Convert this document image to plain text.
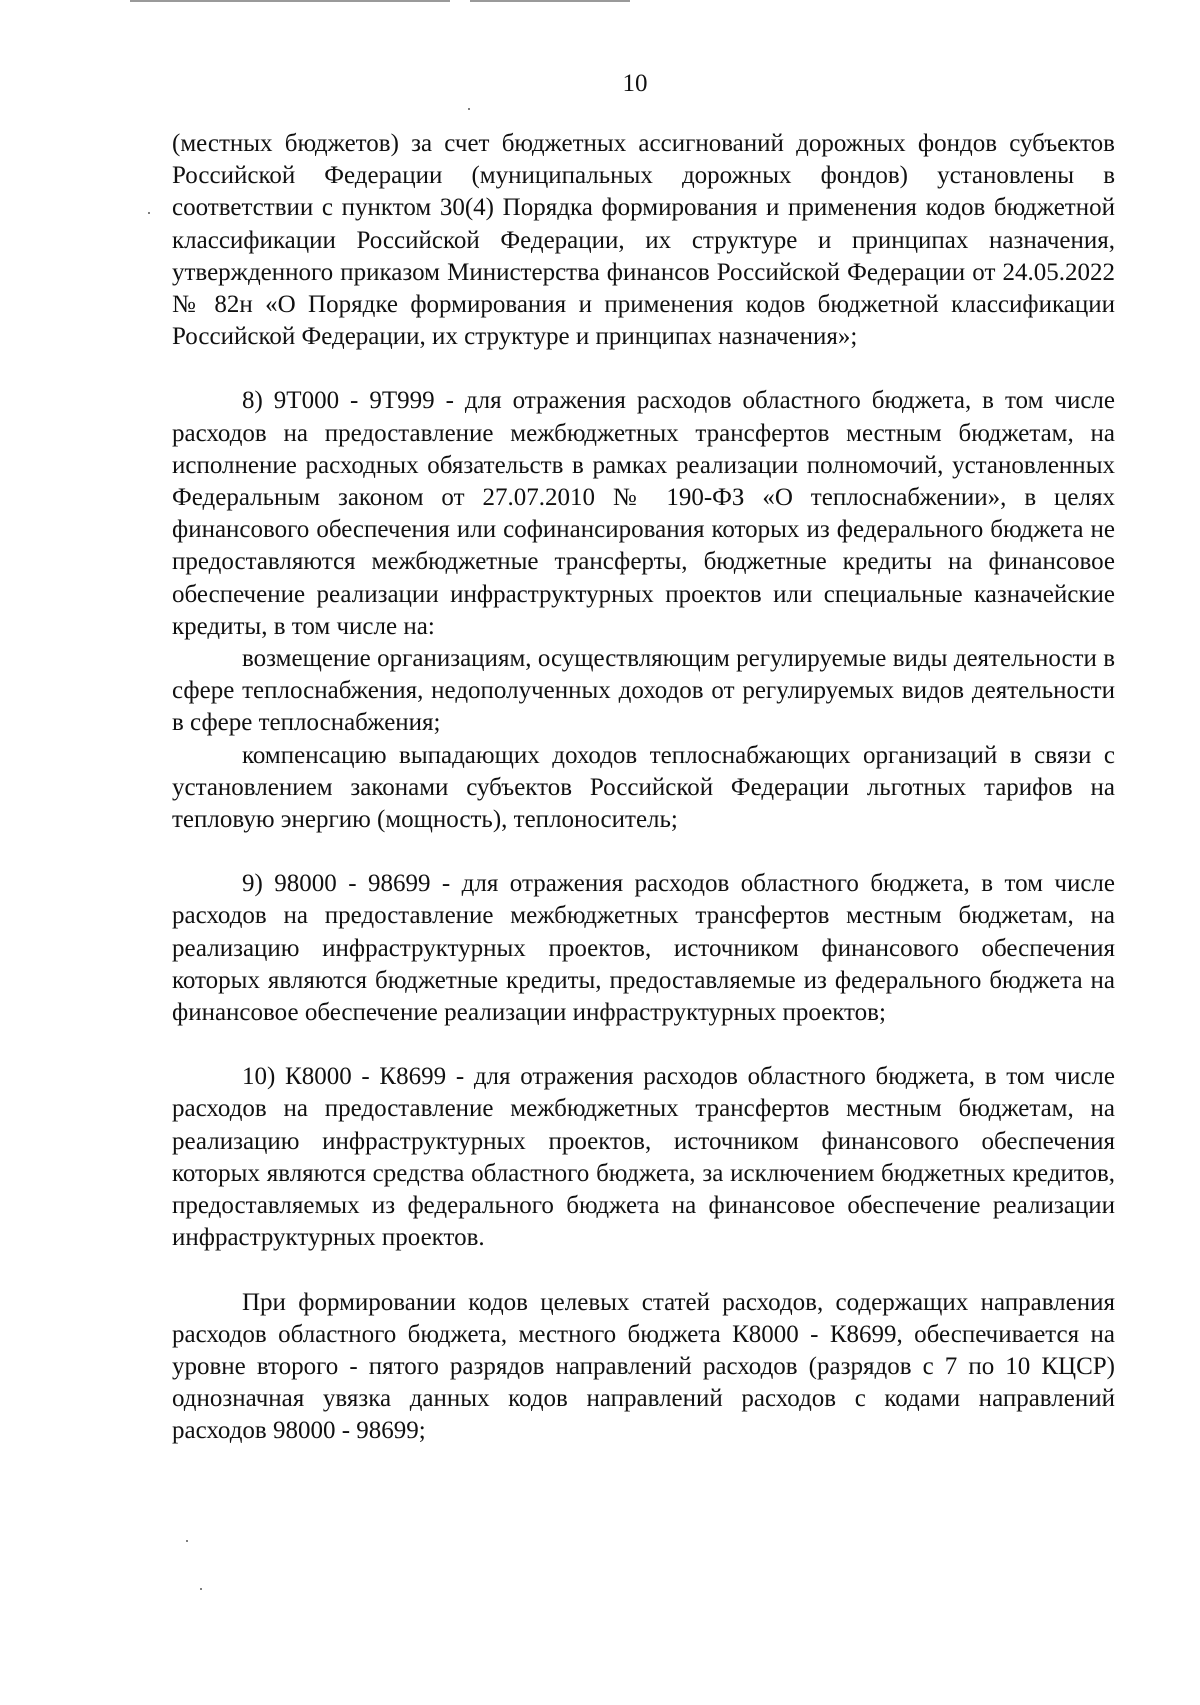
10

(местных бюджетов) за счет бюджетных ассигнований дорожных фондов субъектов Российской Федерации (муниципальных дорожных фондов) установлены в соответствии с пунктом 30(4) Порядка формирования и применения кодов бюджетной классификации Российской Федерации, их структуре и принципах назначения, утвержденного приказом Министерства финансов Российской Федерации от 24.05.2022 № 82н «О Порядке формирования и применения кодов бюджетной классификации Российской Федерации, их структуре и принципах назначения»;

8) 9Т000 - 9Т999 - для отражения расходов областного бюджета, в том числе расходов на предоставление межбюджетных трансфертов местным бюджетам, на исполнение расходных обязательств в рамках реализации полномочий, установленных Федеральным законом от 27.07.2010 № 190-ФЗ «О теплоснабжении», в целях финансового обеспечения или софинансирования которых из федерального бюджета не предоставляются межбюджетные трансферты, бюджетные кредиты на финансовое обеспечение реализации инфраструктурных проектов или специальные казначейские кредиты, в том числе на:

возмещение организациям, осуществляющим регулируемые виды деятельности в сфере теплоснабжения, недополученных доходов от регулируемых видов деятельности в сфере теплоснабжения;

компенсацию выпадающих доходов теплоснабжающих организаций в связи с установлением законами субъектов Российской Федерации льготных тарифов на тепловую энергию (мощность), теплоноситель;

9) 98000 - 98699 - для отражения расходов областного бюджета, в том числе расходов на предоставление межбюджетных трансфертов местным бюджетам, на реализацию инфраструктурных проектов, источником финансового обеспечения которых являются бюджетные кредиты, предоставляемые из федерального бюджета на финансовое обеспечение реализации инфраструктурных проектов;

10) К8000 - К8699 - для отражения расходов областного бюджета, в том числе расходов на предоставление межбюджетных трансфертов местным бюджетам, на реализацию инфраструктурных проектов, источником финансового обеспечения которых являются средства областного бюджета, за исключением бюджетных кредитов, предоставляемых из федерального бюджета на финансовое обеспечение реализации инфраструктурных проектов.

При формировании кодов целевых статей расходов, содержащих направления расходов областного бюджета, местного бюджета К8000 - К8699, обеспечивается на уровне второго - пятого разрядов направлений расходов (разрядов с 7 по 10 КЦСР) однозначная увязка данных кодов направлений расходов с кодами направлений расходов 98000 - 98699;
